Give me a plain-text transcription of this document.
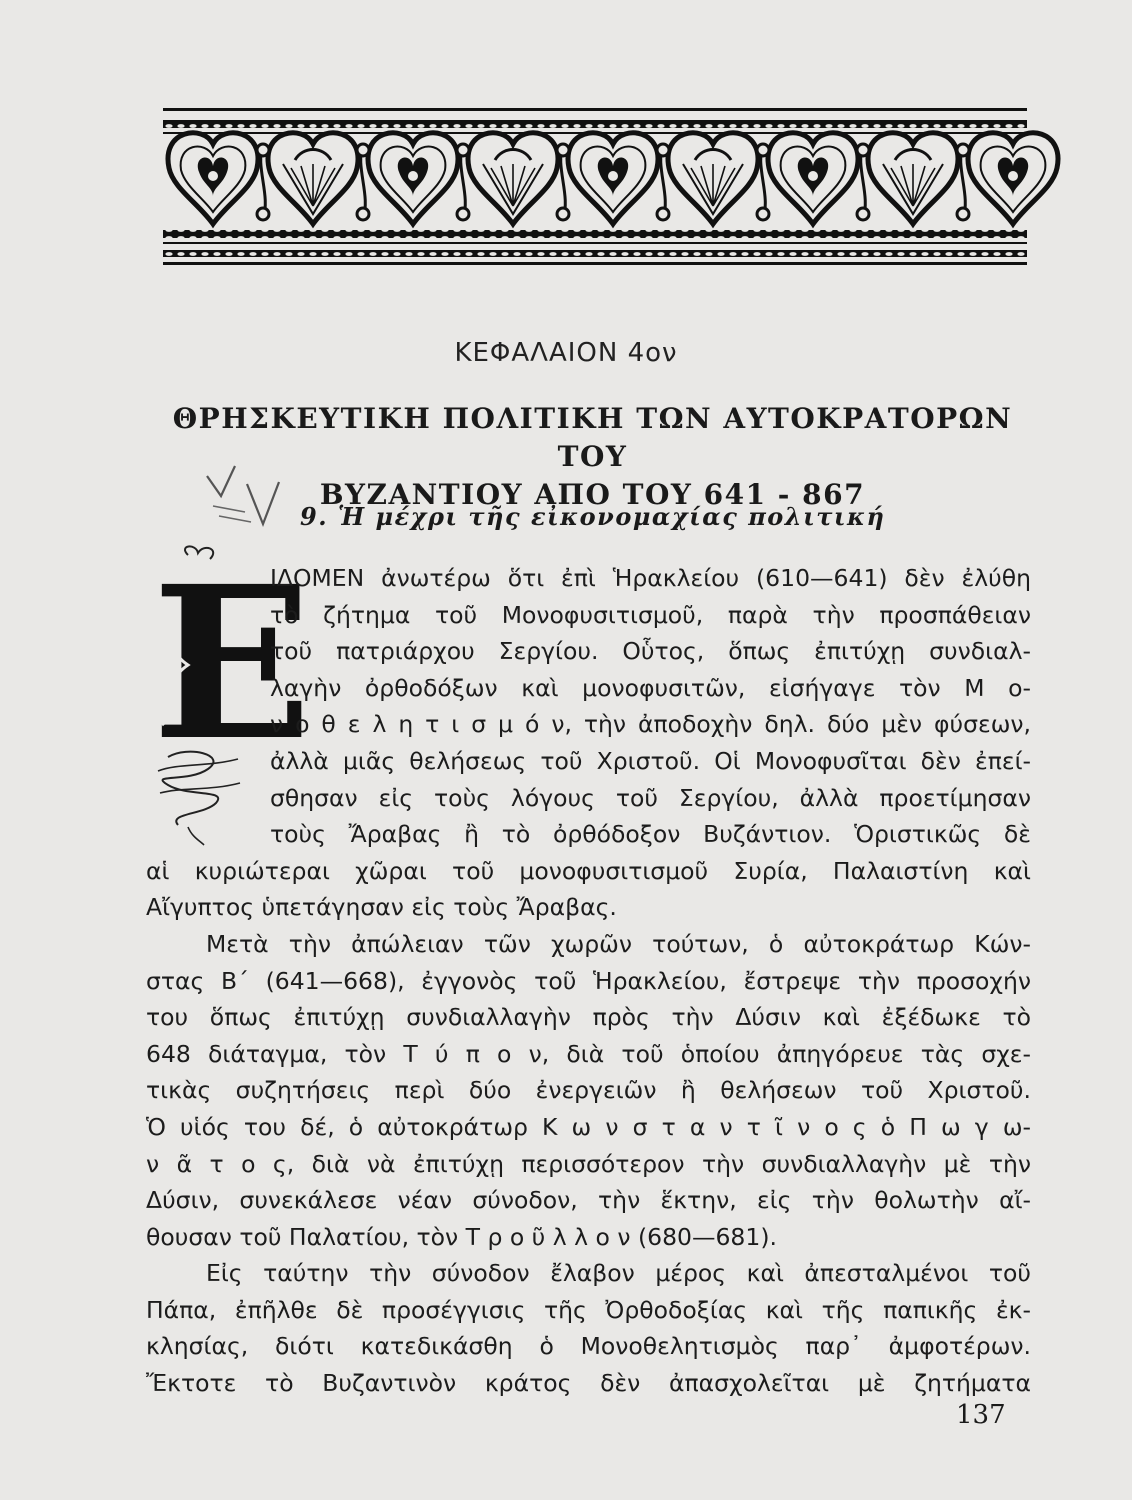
ΚΕΦΑΛΑΙΟΝ 4ον
ΘΡΗΣΚΕΥΤΙΚΗ ΠΟΛΙΤΙΚΗ ΤΩΝ ΑΥΤΟΚΡΑΤΟΡΩΝ ΤΟΥ
ΒΥΖΑΝΤΙΟΥ ΑΠΟ ΤΟΥ 641 - 867
9. Ἡ μέχρι τῆς εἰκονομαχίας πολιτική
Ε
ΙΔΟΜΕΝ ἀνωτέρω ὅτι ἐπὶ Ἡρακλείου (610—641) δὲν ἐλύθη
τὸ ζήτημα τοῦ Μονοφυσιτισμοῦ, παρὰ τὴν προσπάθειαν
τοῦ πατριάρχου Σεργίου. Οὗτος, ὅπως ἐπιτύχῃ συνδιαλ-
λαγὴν ὀρθοδόξων καὶ μονοφυσιτῶν, εἰσήγαγε τὸν Μ ο-
ν ο θ ε λ η τ ι σ μ ό ν, τὴν ἀποδοχὴν δηλ. δύο μὲν φύσεων,
ἀλλὰ μιᾶς θελήσεως τοῦ Χριστοῦ. Οἱ Μονοφυσῖται δὲν ἐπεί-
σθησαν εἰς τοὺς λόγους τοῦ Σεργίου, ἀλλὰ προετίμησαν
τοὺς Ἄραβας ἢ τὸ ὀρθόδοξον Βυζάντιον. Ὁριστικῶς δὲ
αἱ κυριώτεραι χῶραι τοῦ μονοφυσιτισμοῦ Συρία, Παλαιστίνη καὶ
Αἴγυπτος ὑπετάγησαν εἰς τοὺς Ἄραβας.
Μετὰ τὴν ἀπώλειαν τῶν χωρῶν τούτων, ὁ αὐτοκράτωρ Κών-
στας Β΄ (641—668), ἐγγονὸς τοῦ Ἡρακλείου, ἔστρεψε τὴν προσοχήν
του ὅπως ἐπιτύχῃ συνδιαλλαγὴν πρὸς τὴν Δύσιν καὶ ἐξέδωκε τὸ
648 διάταγμα, τὸν Τ ύ π ο ν, διὰ τοῦ ὁποίου ἀπηγόρευε τὰς σχε-
τικὰς συζητήσεις περὶ δύο ἐνεργειῶν ἢ θελήσεων τοῦ Χριστοῦ.
Ὁ υἱός του δέ, ὁ αὐτοκράτωρ Κ ω ν σ τ α ν τ ῖ ν ο ς ὁ Π ω γ ω-
ν ᾶ τ ο ς, διὰ νὰ ἐπιτύχῃ περισσότερον τὴν συνδιαλλαγὴν μὲ τὴν
Δύσιν, συνεκάλεσε νέαν σύνοδον, τὴν ἕκτην, εἰς τὴν θολωτὴν αἴ-
θουσαν τοῦ Παλατίου, τὸν Τ ρ ο ῦ λ λ ο ν (680—681).
Εἰς ταύτην τὴν σύνοδον ἔλαβον μέρος καὶ ἀπεσταλμένοι τοῦ
Πάπα, ἐπῆλθε δὲ προσέγγισις τῆς Ὀρθοδοξίας καὶ τῆς παπικῆς ἐκ-
κλησίας, διότι κατεδικάσθη ὁ Μονοθελητισμὸς παρ᾽ ἀμφοτέρων.
Ἔκτοτε τὸ Βυζαντινὸν κράτος δὲν ἀπασχολεῖται μὲ ζητήματα
137
